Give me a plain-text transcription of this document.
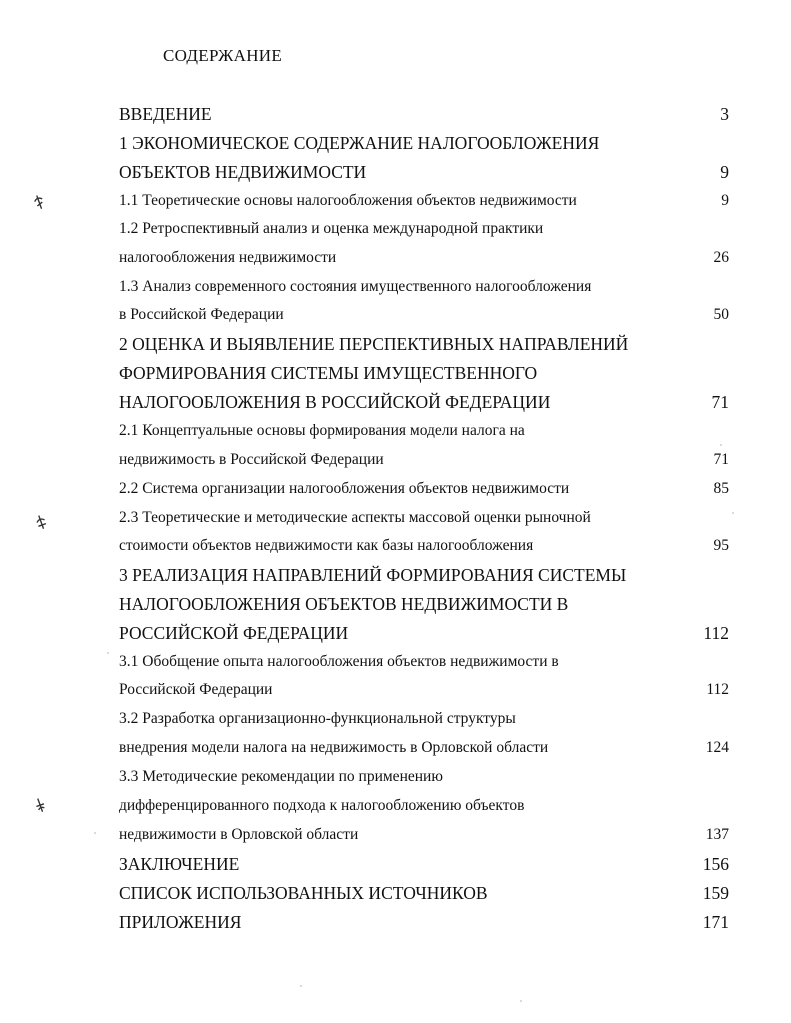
СОДЕРЖАНИЕ
ВВЕДЕНИЕ	3
1 ЭКОНОМИЧЕСКОЕ СОДЕРЖАНИЕ НАЛОГООБЛОЖЕНИЯ
ОБЪЕКТОВ НЕДВИЖИМОСТИ	9
1.1 Теоретические основы налогообложения объектов недвижимости	9
1.2 Ретроспективный анализ и оценка международной практики
налогообложения недвижимости	26
1.3 Анализ современного состояния имущественного налогообложения
в Российской Федерации	50
2 ОЦЕНКА И ВЫЯВЛЕНИЕ ПЕРСПЕКТИВНЫХ НАПРАВЛЕНИЙ
ФОРМИРОВАНИЯ СИСТЕМЫ ИМУЩЕСТВЕННОГО
НАЛОГООБЛОЖЕНИЯ В РОССИЙСКОЙ ФЕДЕРАЦИИ	71
2.1 Концептуальные основы формирования модели налога на
недвижимость в Российской Федерации	71
2.2 Система организации налогообложения объектов недвижимости	85
2.3 Теоретические и методические аспекты массовой оценки рыночной
стоимости объектов недвижимости как базы налогообложения	95
3 РЕАЛИЗАЦИЯ НАПРАВЛЕНИЙ ФОРМИРОВАНИЯ СИСТЕМЫ
НАЛОГООБЛОЖЕНИЯ ОБЪЕКТОВ НЕДВИЖИМОСТИ В
РОССИЙСКОЙ ФЕДЕРАЦИИ	112
3.1 Обобщение опыта налогообложения объектов недвижимости в
Российской Федерации	112
3.2 Разработка организационно-функциональной структуры
внедрения модели налога на недвижимость в Орловской области	124
3.3 Методические рекомендации по применению
дифференцированного подхода к налогообложению объектов
недвижимости в Орловской области	137
ЗАКЛЮЧЕНИЕ	156
СПИСОК ИСПОЛЬЗОВАННЫХ ИСТОЧНИКОВ	159
ПРИЛОЖЕНИЯ	171
